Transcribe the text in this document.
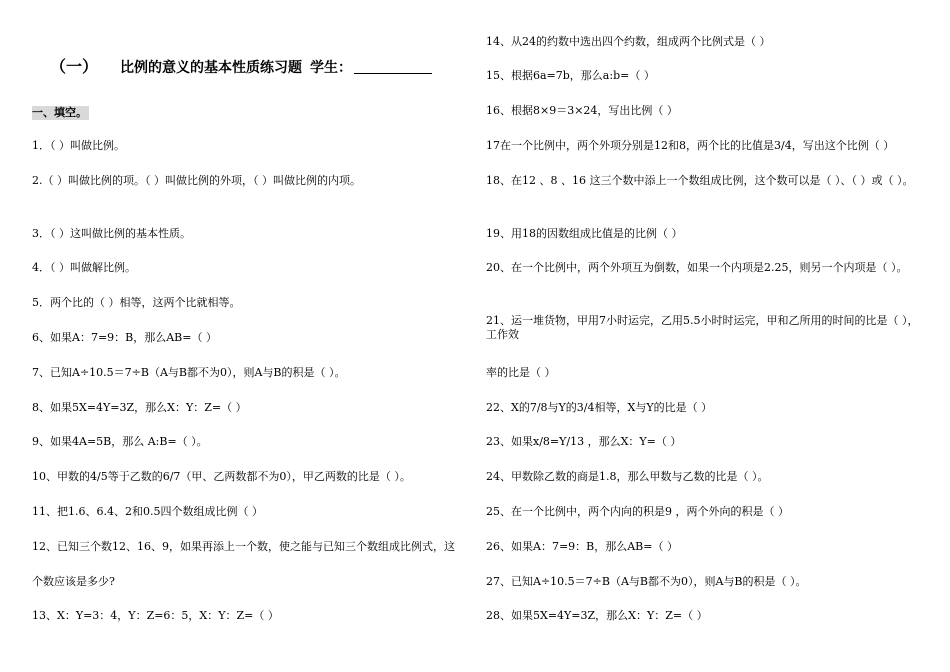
（一） 比例的意义的基本性质练习题 学生：
一、填空。
1．（ ）叫做比例。
2.（ ）叫做比例的项。（ ）叫做比例的外项，（ ）叫做比例的内项。
3．（ ）这叫做比例的基本性质。
4．（ ）叫做解比例。
5．两个比的（ ）相等，这两个比就相等。
6、如果A：7=9：B，那么AB=（ ）
7、已知A÷10.5＝7÷B（A与B都不为0），则A与B的积是（ ）。
8、如果5X=4Y=3Z，那么X：Y：Z=（ ）
9、如果4A=5B，那么 A:B=（ ）。
10、甲数的4/5等于乙数的6/7（甲、乙两数都不为0），甲乙两数的比是（ ）。
11、把1.6、6.4、2和0.5四个数组成比例（ ）
12、已知三个数12、16、9，如果再添上一个数，使之能与已知三个数组成比例式，这
个数应该是多少?
13、X：Y=3：4，Y：Z=6：5，X：Y：Z=（ ）
14、从24的约数中选出四个约数，组成两个比例式是（ ）
15、根据6a=7b，那么a:b=（ ）
16、根据8×9＝3×24，写出比例（ ）
17在一个比例中，两个外项分别是12和8，两个比的比值是3/4，写出这个比例（ ）
18、在12 、8 、16 这三个数中添上一个数组成比例，这个数可以是（ ）、（ ）或（ ）。
19、用18的因数组成比值是的比例（ ）
20、在一个比例中，两个外项互为倒数，如果一个内项是2.25，则另一个内项是（ ）。
21、运一堆货物，甲用7小时运完，乙用5.5小时时运完，甲和乙所用的时间的比是（ ），工作效
率的比是（ ）
22、X的7/8与Y的3/4相等，X与Y的比是（ ）
23、如果x/8=Y/13 ，那么X：Y=（ ）
24、甲数除乙数的商是1.8，那么甲数与乙数的比是（ ）。
25、在一个比例中，两个内向的积是9 ，两个外向的积是（ ）
26、如果A：7=9：B，那么AB=（ ）
27、已知A÷10.5＝7÷B（A与B都不为0），则A与B的积是（ ）。
28、如果5X=4Y=3Z，那么X：Y：Z=（ ）
